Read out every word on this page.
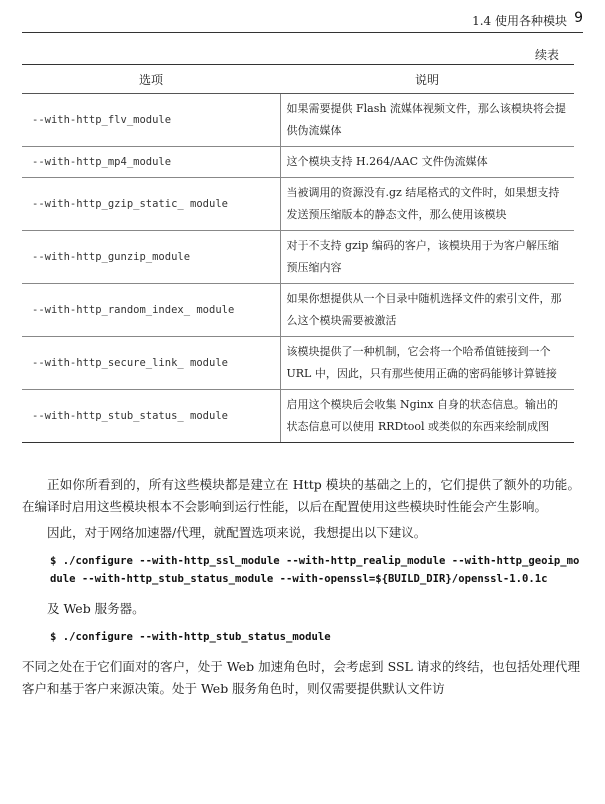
1.4 使用各种模块 9
续表
选项	说明
--with-http_flv_module	如果需要提供 Flash 流媒体视频文件，那么该模块将会提供伪流媒体
--with-http_mp4_module	这个模块支持 H.264/AAC 文件伪流媒体
--with-http_gzip_static_ module	当被调用的资源没有.gz 结尾格式的文件时，如果想支持发送预压缩版本的静态文件，那么使用该模块
--with-http_gunzip_module	对于不支持 gzip 编码的客户，该模块用于为客户解压缩预压缩内容
--with-http_random_index_ module	如果你想提供从一个目录中随机选择文件的索引文件，那么这个模块需要被激活
--with-http_secure_link_ module	该模块提供了一种机制，它会将一个哈希值链接到一个 URL 中，因此，只有那些使用正确的密码能够计算链接
--with-http_stub_status_ module	启用这个模块后会收集 Nginx 自身的状态信息。输出的状态信息可以使用 RRDtool 或类似的东西来绘制成图

正如你所看到的，所有这些模块都是建立在 Http 模块的基础之上的，它们提供了额外的功能。在编译时启用这些模块根本不会影响到运行性能，以后在配置使用这些模块时性能会产生影响。

因此，对于网络加速器/代理，就配置选项来说，我想提出以下建议。

$ ./configure --with-http_ssl_module --with-http_realip_module --with-http_geoip_module --with-http_stub_status_module --with-openssl=${BUILD_DIR}/openssl-1.0.1c

及 Web 服务器。

$ ./configure --with-http_stub_status_module

不同之处在于它们面对的客户，处于 Web 加速角色时，会考虑到 SSL 请求的终结，也包括处理代理客户和基于客户来源决策。处于 Web 服务角色时，则仅需要提供默认文件访
